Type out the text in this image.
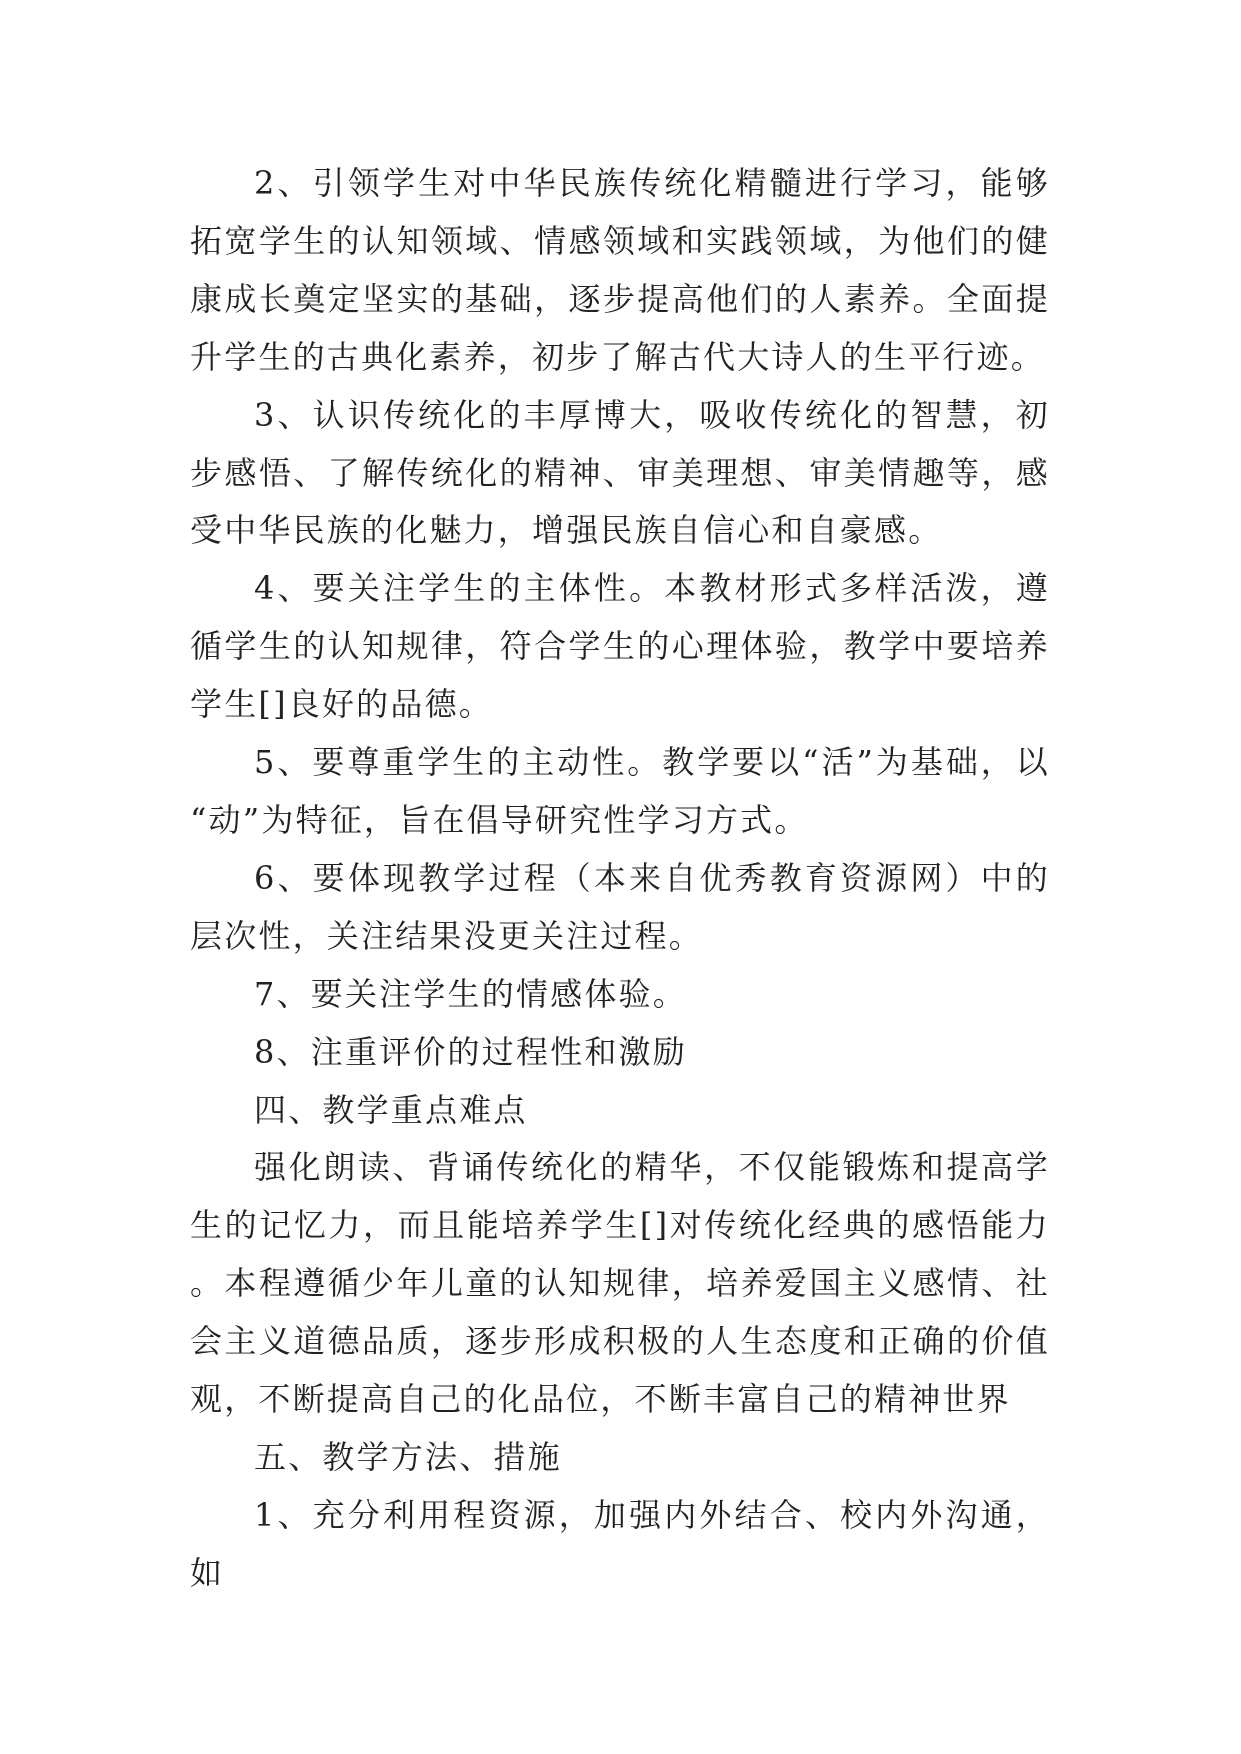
2、引领学生对中华民族传统化精髓进行学习，能够拓宽学生的认知领域、情感领域和实践领域，为他们的健康成长奠定坚实的基础，逐步提高他们的人素养。全面提升学生的古典化素养，初步了解古代大诗人的生平行迹。

3、认识传统化的丰厚博大，吸收传统化的智慧，初步感悟、了解传统化的精神、审美理想、审美情趣等，感受中华民族的化魅力，增强民族自信心和自豪感。

4、要关注学生的主体性。本教材形式多样活泼，遵循学生的认知规律，符合学生的心理体验，教学中要培养学生[]良好的品德。

5、要尊重学生的主动性。教学要以“活”为基础，以“动”为特征，旨在倡导研究性学习方式。

6、要体现教学过程（本来自优秀教育资源网）中的层次性，关注结果没更关注过程。

7、要关注学生的情感体验。

8、注重评价的过程性和激励

四、教学重点难点

强化朗读、背诵传统化的精华，不仅能锻炼和提高学生的记忆力，而且能培养学生[]对传统化经典的感悟能力。本程遵循少年儿童的认知规律，培养爱国主义感情、社会主义道德品质，逐步形成积极的人生态度和正确的价值观，不断提高自己的化品位，不断丰富自己的精神世界

五、教学方法、措施

1、充分利用程资源，加强内外结合、校内外沟通，如
